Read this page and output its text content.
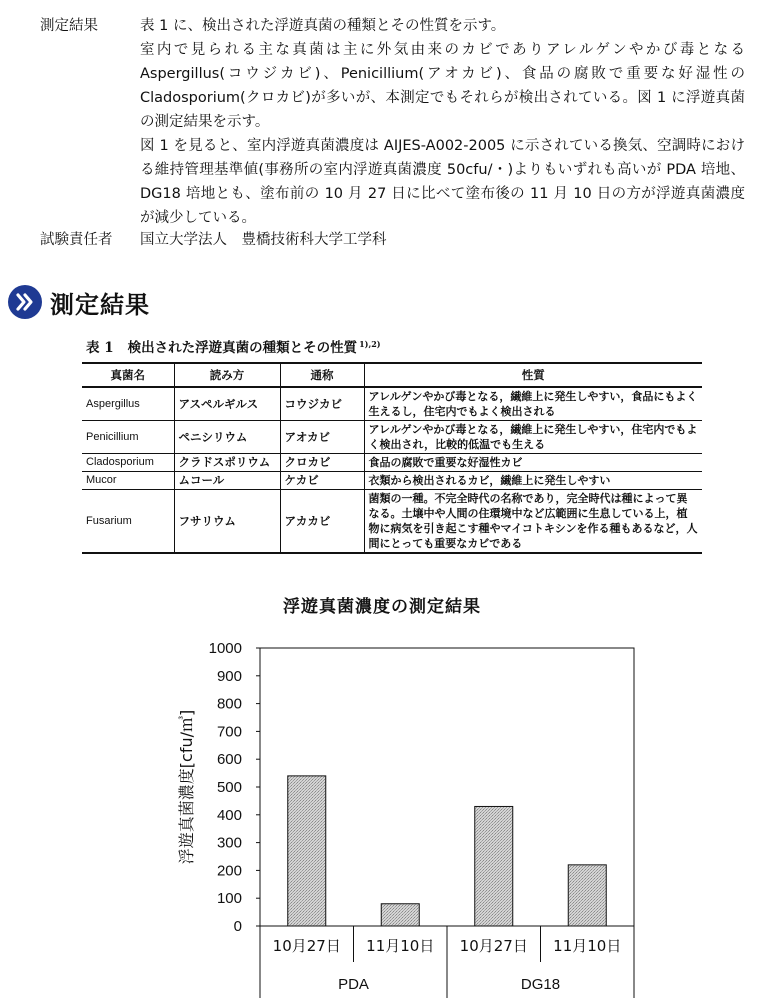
測定結果	表 1 に、検出された浮遊真菌の種類とその性質を示す。

室内で見られる主な真菌は主に外気由来のカビでありアレルゲンやかび毒となる Aspergillus(コウジカビ)、Penicillium(アオカビ)、食品の腐敗で重要な好湿性の Cladosporium(クロカビ)が多いが、本測定でもそれらが検出されている。図 1 に浮遊真菌の測定結果を示す。

図 1 を見ると、室内浮遊真菌濃度は AIJES-A002-2005 に示されている換気、空調時における維持管理基準値(事務所の室内浮遊真菌濃度 50cfu/・)よりもいずれも高いが PDA 培地、DG18 培地とも、塗布前の 10 月 27 日に比べて塗布後の 11 月 10 日の方が浮遊真菌濃度が減少している。

試験責任者 国立大学法人　豊橋技術科大学工学科
測定結果
表 1 検出された浮遊真菌の種類とその性質 $^{1),2)}$
真菌名	読み方	通称	性質
Aspergillus	アスペルギルス	コウジカビ	アレルゲンやかび毒となる，繊維上に発生しやすい，食品にもよく生えるし，住宅内でもよく検出される
Penicillium	ペニシリウム	アオカビ	アレルゲンやかび毒となる，繊維上に発生しやすい，住宅内でもよく検出され，比較的低温でも生える
Cladosporium	クラドスポリウム	クロカビ	食品の腐敗で重要な好湿性カビ
Mucor	ムコール	ケカビ	衣類から検出されるカビ，繊維上に発生しやすい
Fusarium	フサリウム	アカカビ	菌類の一種。不完全時代の名称であり，完全時代は種によって異なる。土壌中や人間の住環境中など広範囲に生息している上，植物に病気を引き起こす種やマイコトキシンを作る種もあるなど，人間にとっても重要なカビである
浮遊真菌濃度の測定結果
0
100
200
300
400
500
600
700
800
900
1000
浮遊真菌濃度[cfu/㎥]
10月27日 11月10日 10月27日 11月10日
PDA	DG18
